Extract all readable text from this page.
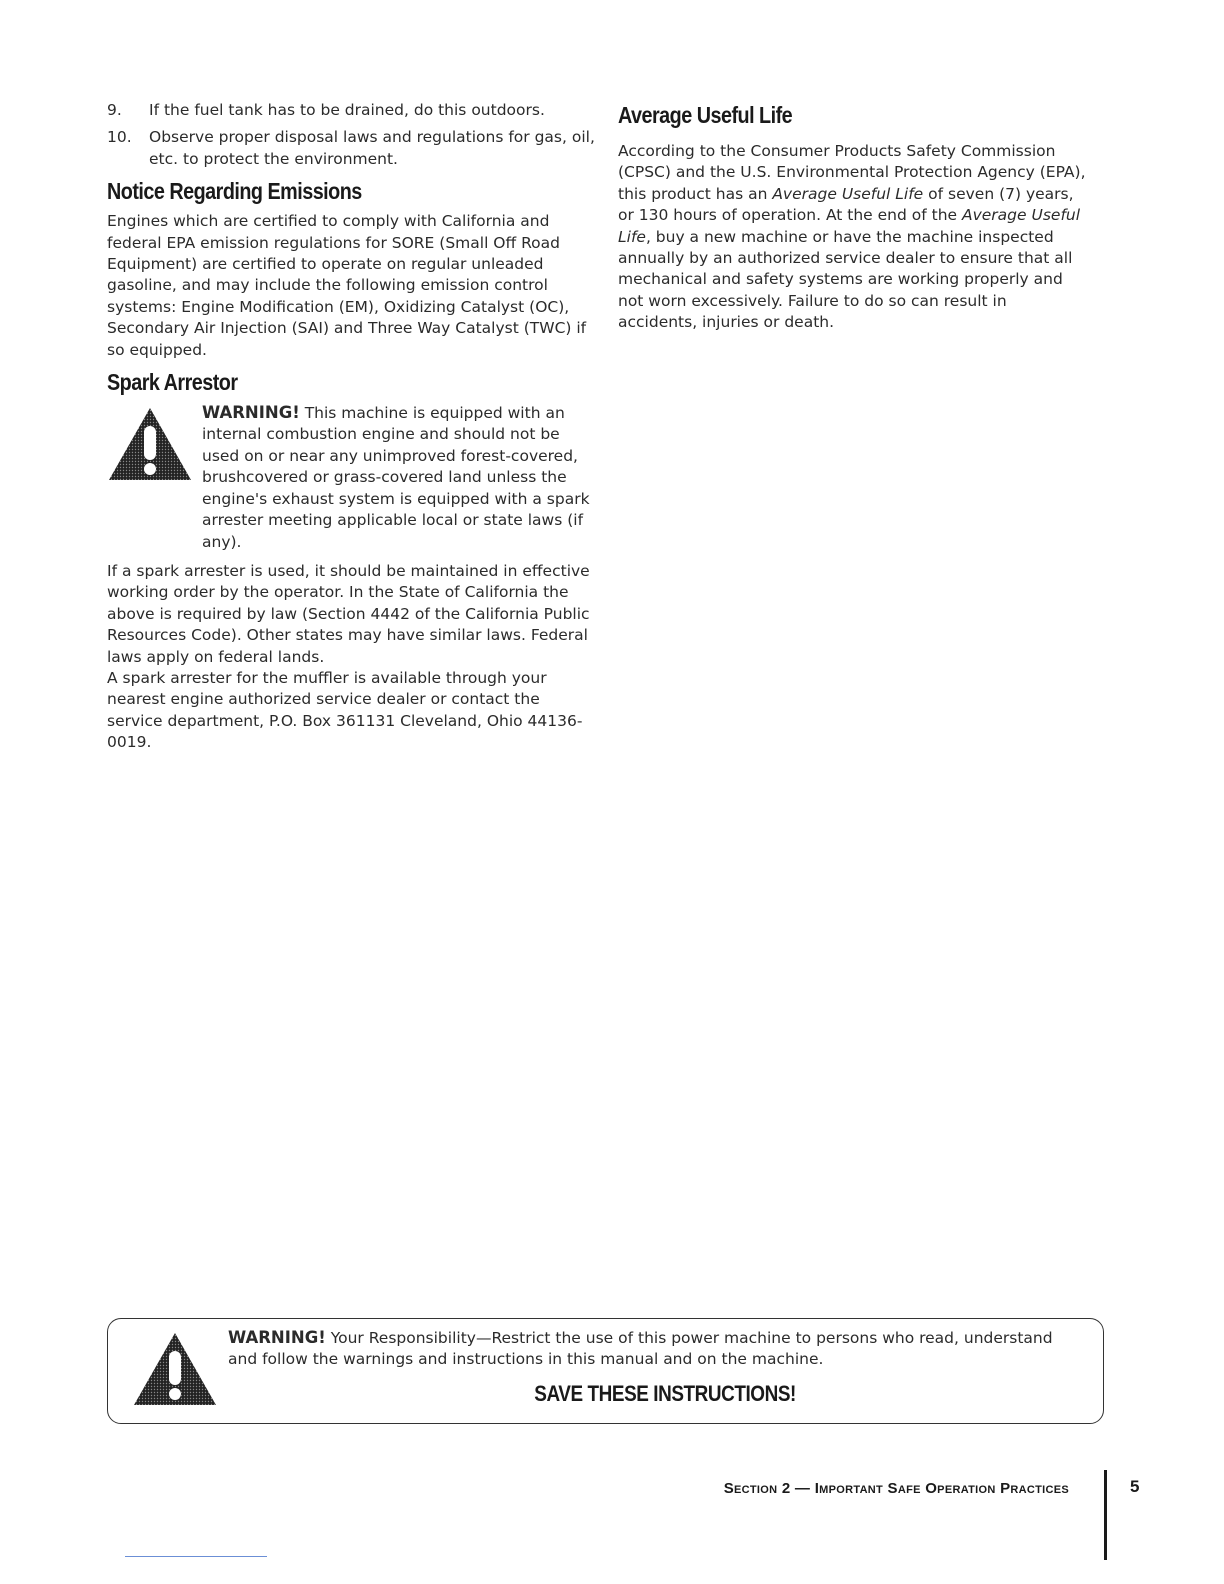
9.	If the fuel tank has to be drained, do this outdoors.
10.	Observe proper disposal laws and regulations for gas, oil, etc. to protect the environment.
Notice Regarding Emissions

Engines which are certified to comply with California and federal EPA emission regulations for SORE (Small Off Road Equipment) are certified to operate on regular unleaded gasoline, and may include the following emission control systems: Engine Modification (EM), Oxidizing Catalyst (OC), Secondary Air Injection (SAI) and Three Way Catalyst (TWC) if so equipped.

Spark Arrestor
WARNING! This machine is equipped with an internal combustion engine and should not be used on or near any unimproved forest-covered, brushcovered or grass-covered land unless the engine's exhaust system is equipped with a spark arrester meeting applicable local or state laws (if any).

If a spark arrester is used, it should be maintained in effective working order by the operator. In the State of California the above is required by law (Section 4442 of the California Public Resources Code). Other states may have similar laws. Federal laws apply on federal lands.

A spark arrester for the muffler is available through your nearest engine authorized service dealer or contact the service department, P.O. Box 361131 Cleveland, Ohio 44136-0019.

Average Useful Life

According to the Consumer Products Safety Commission (CPSC) and the U.S. Environmental Protection Agency (EPA), this product has an Average Useful Life of seven (7) years, or 130 hours of operation. At the end of the Average Useful Life, buy a new machine or have the machine inspected annually by an authorized service dealer to ensure that all mechanical and safety systems are working properly and not worn excessively. Failure to do so can result in accidents, injuries or death.

WARNING! Your Responsibility—Restrict the use of this power machine to persons who read, understand and follow the warnings and instructions in this manual and on the machine.
SAVE THESE INSTRUCTIONS!
Section 2 — Important Safe Operation Practices	5
